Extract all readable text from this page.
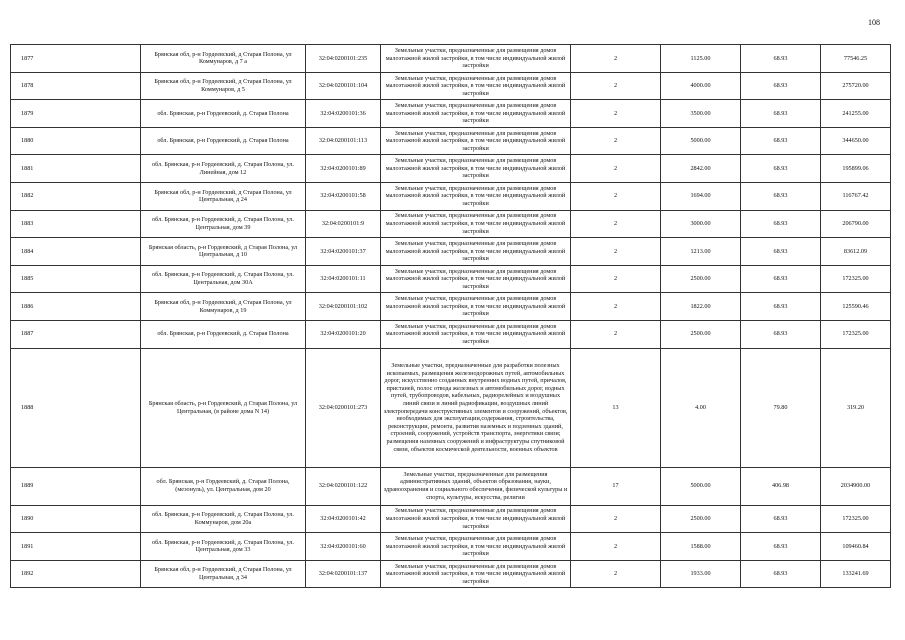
108
1877	Брянская обл, р-н Гордеевский, д Старая Полона, ул Коммунаров, д 7 а	32:04:0200101:235	Земельные участки, предназначенные для размещения домов малоэтажной жилой застройки, в том числе индивидуальной жилой застройки	2	1125.00	68.93	77546.25
1878	Брянская обл, р-н Гордеевский, д Старая Полона, ул Коммунаров, д 5	32:04:0200101:104	Земельные участки, предназначенные для размещения домов малоэтажной жилой застройки, в том числе индивидуальной жилой застройки	2	4000.00	68.93	275720.00
1879	обл. Брянская, р-н Гордеевский, д. Старая Полона	32:04:0200101:36	Земельные участки, предназначенные для размещения домов малоэтажной жилой застройки, в том числе индивидуальной жилой застройки	2	3500.00	68.93	241255.00
1880	обл. Брянская, р-н Гордеевский, д. Старая Полона	32:04:0200101:113	Земельные участки, предназначенные для размещения домов малоэтажной жилой застройки, в том числе индивидуальной жилой застройки	2	5000.00	68.93	344650.00
1881	обл. Брянская, р-н Гордеевский, д. Старая Полона, ул. Линейная, дом 12	32:04:0200101:89	Земельные участки, предназначенные для размещения домов малоэтажной жилой застройки, в том числе индивидуальной жилой застройки	2	2842.00	68.93	195899.06
1882	Брянская обл, р-н Гордеевский, д Старая Полона, ул Центральная, д 24	32:04:0200101:58	Земельные участки, предназначенные для размещения домов малоэтажной жилой застройки, в том числе индивидуальной жилой застройки	2	1694.00	68.93	116767.42
1883	обл. Брянская, р-н Гордеевский, д. Старая Полона, ул. Центральная, дом 39	32:04:0200101:9	Земельные участки, предназначенные для размещения домов малоэтажной жилой застройки, в том числе индивидуальной жилой застройки	2	3000.00	68.93	206790.00
1884	Брянская область, р-н Гордеевский, д Старая Полона, ул Центральная, д 10	32:04:0200101:37	Земельные участки, предназначенные для размещения домов малоэтажной жилой застройки, в том числе индивидуальной жилой застройки	2	1213.00	68.93	83612.09
1885	обл. Брянская, р-н Гордеевский, д. Старая Полона, ул. Центральная, дом 30А	32:04:0200101:11	Земельные участки, предназначенные для размещения домов малоэтажной жилой застройки, в том числе индивидуальной жилой застройки	2	2500.00	68.93	172325.00
1886	Брянская обл, р-н Гордеевский, д Старая Полона, ул Коммунаров, д 19	32:04:0200101:102	Земельные участки, предназначенные для размещения домов малоэтажной жилой застройки, в том числе индивидуальной жилой застройки	2	1822.00	68.93	125590.46
1887	обл. Брянская, р-н Гордеевский, д. Старая Полона	32:04:0200101:20	Земельные участки, предназначенные для размещения домов малоэтажной жилой застройки, в том числе индивидуальной жилой застройки	2	2500.00	68.93	172325.00
1888	Брянская область, р-н Гордеевский, д Старая Полона, ул Центральная, (в районе дома N 14)	32:04:0200101:273	Земельные участки, предназначенные для разработки полезных ископаемых, размещения железнодорожных путей, автомобильных дорог, искусственно созданных внутренних водных путей, причалов, пристаней, полос отвода железных и автомобильных дорог, водных путей, трубопроводов, кабельных, радиорелейных и воздушных линий связи и линий радиофикации, воздушных линий электропередачи конструктивных элементов и сооружений, объектов, необходимых для эксплуатации,содержания, строительства, реконструкции, ремонта, развития наземных и подземных зданий, строений, сооружений, устройств транспорта, энергетики связи; размещения наземных сооружений и инфраструктуры спутниковой связи, объектов космической деятельности, военных объектов	13	4.00	79.80	319.20
1889	обл. Брянская, р-н Гордеевский, д. Старая Полона, (мезонуль), ул. Центральная, дом 20	32:04:0200101:122	Земельные участки, предназначенные для размещения административных зданий, объектов образования, науки, здравоохранения и социального обеспечения, физической культуры и спорта, культуры, искусства, религии	17	5000.00	406.98	2034900.00
1890	обл. Брянская, р-н Гордеевский, д. Старая Полона, ул. Коммунаров, дом 20а	32:04:0200101:42	Земельные участки, предназначенные для размещения домов малоэтажной жилой застройки, в том числе индивидуальной жилой застройки	2	2500.00	68.93	172325.00
1891	обл. Брянская, р-н Гордеевский, д. Старая Полона, ул. Центральная, дом 33	32:04:0200101:60	Земельные участки, предназначенные для размещения домов малоэтажной жилой застройки, в том числе индивидуальной жилой застройки	2	1588.00	68.93	109460.84
1892	Брянская обл, р-н Гордеевский, д Старая Полона, ул Центральная, д 34	32:04:0200101:137	Земельные участки, предназначенные для размещения домов малоэтажной жилой застройки, в том числе индивидуальной жилой застройки	2	1933.00	68.93	133241.69
